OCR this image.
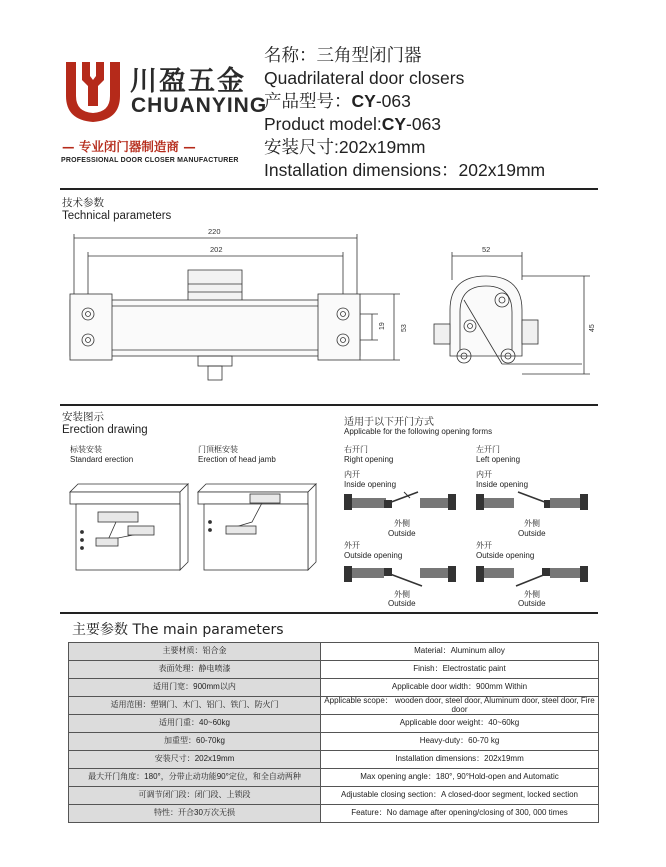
川盈五金
CHUANYING
— 专业闭门器制造商 —
PROFESSIONAL DOOR CLOSER MANUFACTURER
名称：三角型闭门器
Quadrilateral door closers
产品型号：CY-063
Product model:CY-063
安装尺寸:202x19mm
Installation dimensions：202x19mm
技术参数
Technical parameters
220
202
19 53
52
45
安装图示
Erection drawing
标装安装
Standard erection
门頂框安装
Erection of head jamb
适用于以下开门方式
Applicable for the following opening forms
右开门
Right opening
左开门
Left opening
内开
Inside opening
外侧
Outside
内开
Inside opening
外侧
Outside
外开
Outside opening
外侧
Outside
外开
Outside opening
外侧
Outside
主要参数 The main parameters
主要材质：铝合金	Material：Aluminum alloy
表面处理：静电喷漆	Finish：Electrostatic paint
适用门宽：900mm以内	Applicable door width：900mm Within
适用范围：塑钢门、木门、铝门、铁门、防火门	Applicable scope： wooden door, steel door, Aluminum door, steel door, Fire door
适用门重：40~60kg	Applicable door weight：40~60kg
加重型：60-70kg	Heavy-duty：60-70 kg
安装尺寸：202x19mm	Installation dimensions：202x19mm
最大开门角度：180°，分带止动功能90°定位，和全自动两种	Max opening angle：180°, 90°Hold-open and Automatic
可调节闭门段：闭门段、上锁段	Adjustable closing section：A closed-door segment, locked section
特性：开合30万次无损	Feature：No damage after opening/closing of 300, 000 times
